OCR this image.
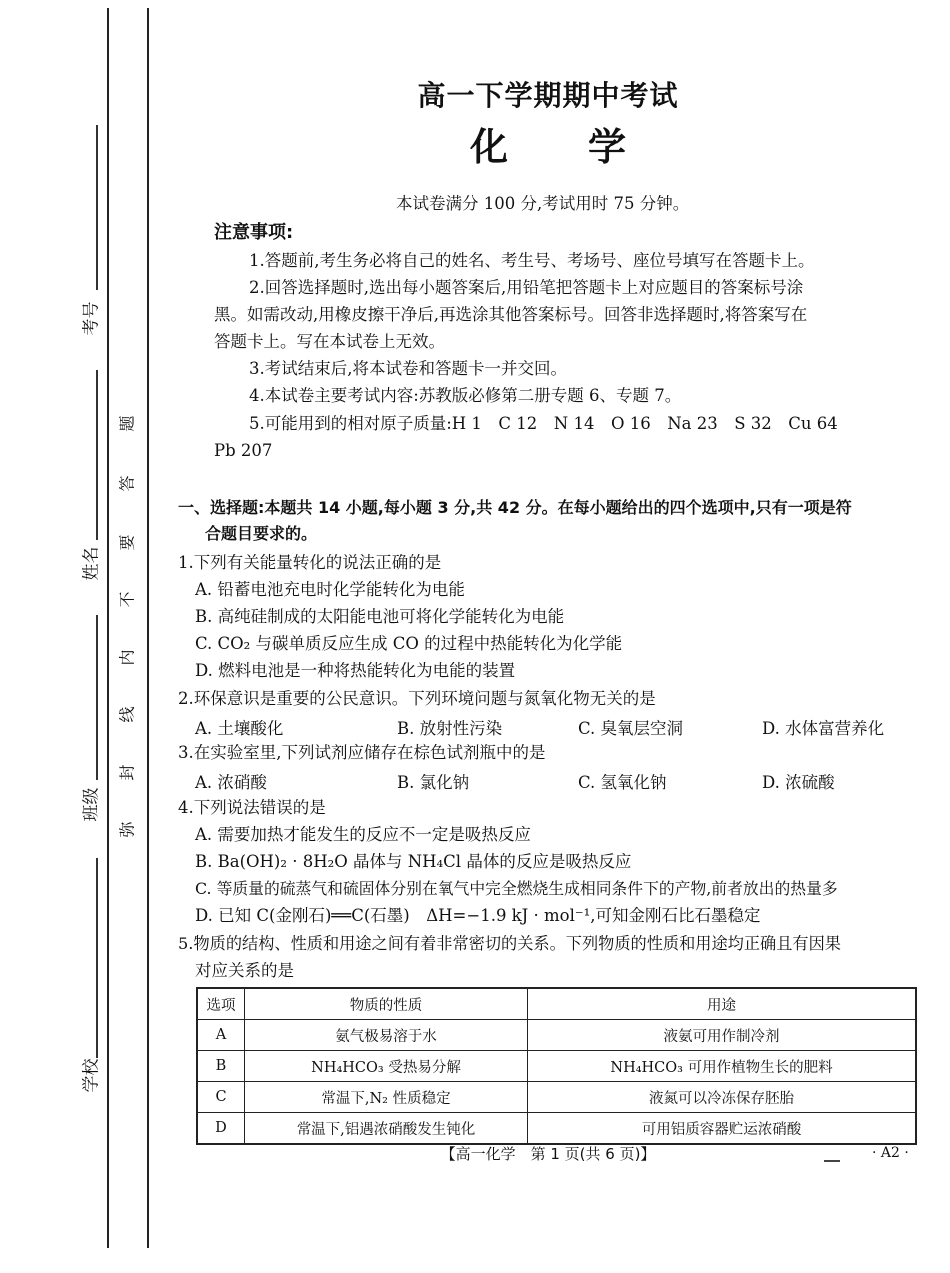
考号
姓名
班级
学校
题
答
要
不
内
线
封
弥
高一下学期期中考试
化学
本试卷满分 100 分,考试用时 75 分钟。
注意事项:
1.答题前,考生务必将自己的姓名、考生号、考场号、座位号填写在答题卡上。
2.回答选择题时,选出每小题答案后,用铅笔把答题卡上对应题目的答案标号涂
黑。如需改动,用橡皮擦干净后,再选涂其他答案标号。回答非选择题时,将答案写在
答题卡上。写在本试卷上无效。
3.考试结束后,将本试卷和答题卡一并交回。
4.本试卷主要考试内容:苏教版必修第二册专题 6、专题 7。
5.可能用到的相对原子质量:H 1　C 12　N 14　O 16　Na 23　S 32　Cu 64
Pb 207
一、选择题:本题共 14 小题,每小题 3 分,共 42 分。在每小题给出的四个选项中,只有一项是符
合题目要求的。
1.下列有关能量转化的说法正确的是
A. 铅蓄电池充电时化学能转化为电能
B. 高纯硅制成的太阳能电池可将化学能转化为电能
C. CO₂ 与碳单质反应生成 CO 的过程中热能转化为化学能
D. 燃料电池是一种将热能转化为电能的装置
2.环保意识是重要的公民意识。下列环境问题与氮氧化物无关的是
A. 土壤酸化	B. 放射性污染	C. 臭氧层空洞	D. 水体富营养化
3.在实验室里,下列试剂应储存在棕色试剂瓶中的是
A. 浓硝酸	B. 氯化钠	C. 氢氧化钠	D. 浓硫酸
4.下列说法错误的是
A. 需要加热才能发生的反应不一定是吸热反应
B. Ba(OH)₂ · 8H₂O 晶体与 NH₄Cl 晶体的反应是吸热反应
C. 等质量的硫蒸气和硫固体分别在氧气中完全燃烧生成相同条件下的产物,前者放出的热量多
D. 已知 C(金刚石)══C(石墨)　ΔH=−1.9 kJ · mol⁻¹,可知金刚石比石墨稳定
5.物质的结构、性质和用途之间有着非常密切的关系。下列物质的性质和用途均正确且有因果
对应关系的是
选项	物质的性质	用途
A	氨气极易溶于水	液氨可用作制冷剂
B	NH₄HCO₃ 受热易分解	NH₄HCO₃ 可用作植物生长的肥料
C	常温下,N₂ 性质稳定	液氮可以冷冻保存胚胎
D	常温下,铝遇浓硝酸发生钝化	可用铝质容器贮运浓硝酸
【高一化学　第 1 页(共 6 页)】	· A2 ·
